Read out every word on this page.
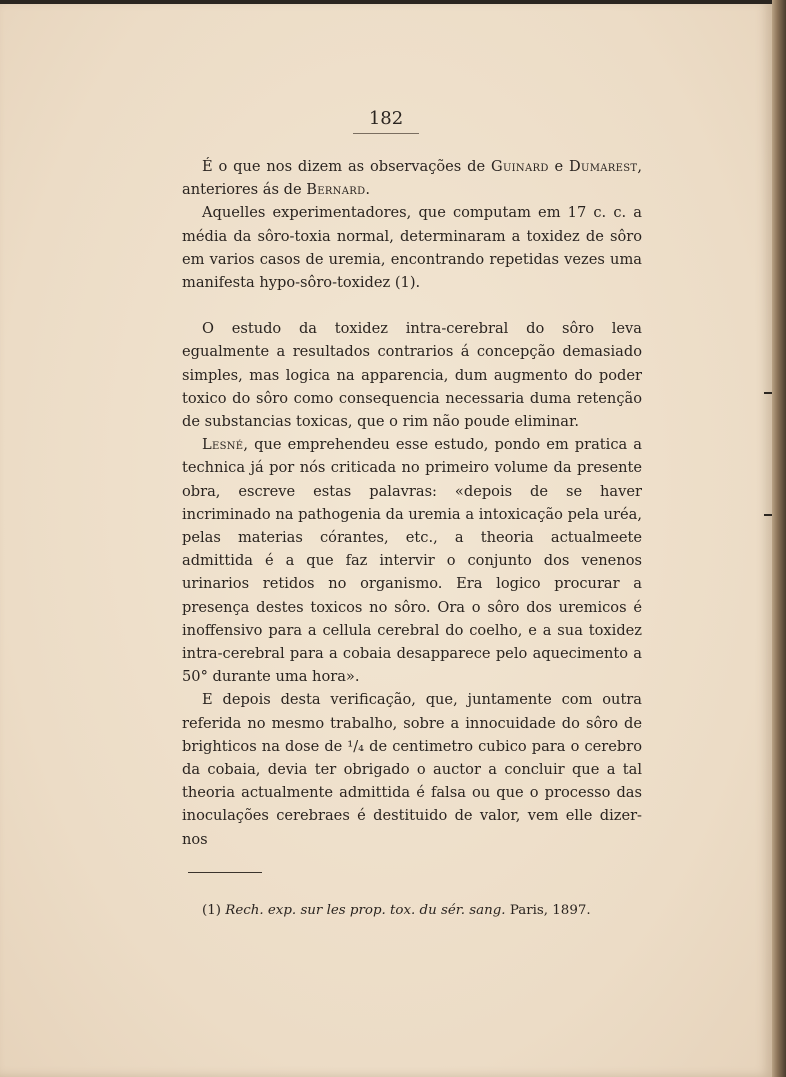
182

É o que nos dizem as observações de Guinard e Dumarest, anteriores ás de Bernard.

Aquelles experimentadores, que computam em 17 c. c. a média da sôro-toxia normal, determinaram a toxidez de sôro em varios casos de uremia, encontrando repetidas vezes uma manifesta hypo-sôro-toxidez (1).

O estudo da toxidez intra-cerebral do sôro leva egualmente a resultados contrarios á concepção demasiado simples, mas logica na apparencia, dum augmento do poder toxico do sôro como consequencia necessaria duma retenção de substancias toxicas, que o rim não poude eliminar.

Lesné, que emprehendeu esse estudo, pondo em pratica a technica já por nós criticada no primeiro volume da presente obra, escreve estas palavras: «depois de se haver incriminado na pathogenia da uremia a intoxicação pela uréa, pelas materias córantes, etc., a theoria actualmeete admittida é a que faz intervir o conjunto dos venenos urinarios retidos no organismo. Era logico procurar a presença destes toxicos no sôro. Ora o sôro dos uremicos é inoffensivo para a cellula cerebral do coelho, e a sua toxidez intra-cerebral para a cobaia desapparece pelo aquecimento a 50° durante uma hora».

E depois desta verificação, que, juntamente com outra referida no mesmo trabalho, sobre a innocuidade do sôro de brighticos na dose de ¹/₄ de centimetro cubico para o cerebro da cobaia, devia ter obrigado o auctor a concluir que a tal theoria actualmente admittida é falsa ou que o processo das inoculações cerebraes é destituido de valor, vem elle dizer-nos

(1) Rech. exp. sur les prop. tox. du sér. sang. Paris, 1897.
